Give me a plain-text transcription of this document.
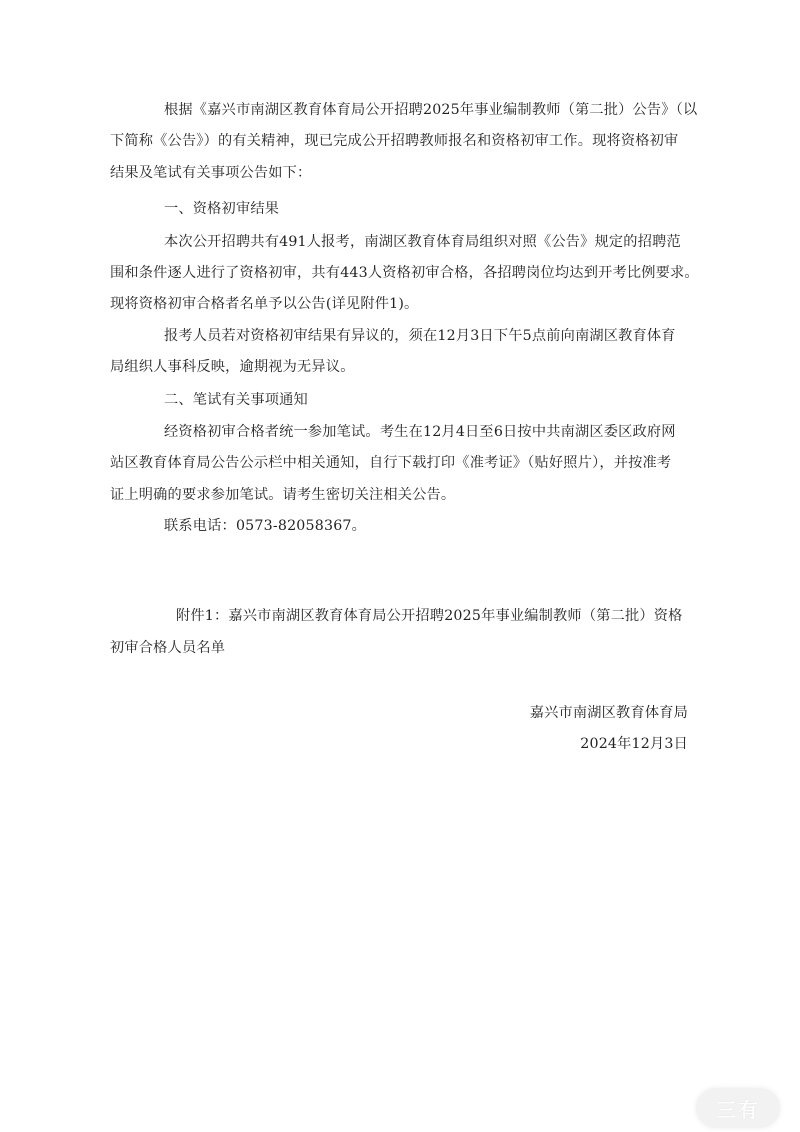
根据《嘉兴市南湖区教育体育局公开招聘2025年事业编制教师（第二批）公告》（以
下简称《公告》）的有关精神，现已完成公开招聘教师报名和资格初审工作。现将资格初审
结果及笔试有关事项公告如下：
一、资格初审结果
本次公开招聘共有491人报考，南湖区教育体育局组织对照《公告》规定的招聘范
围和条件逐人进行了资格初审，共有443人资格初审合格，各招聘岗位均达到开考比例要求。
现将资格初审合格者名单予以公告(详见附件1)。
报考人员若对资格初审结果有异议的，须在12月3日下午5点前向南湖区教育体育
局组织人事科反映，逾期视为无异议。
二、笔试有关事项通知
经资格初审合格者统一参加笔试。考生在12月4日至6日按中共南湖区委区政府网
站区教育体育局公告公示栏中相关通知，自行下载打印《准考证》（贴好照片），并按准考
证上明确的要求参加笔试。请考生密切关注相关公告。
联系电话：0573-82058367。
附件1：嘉兴市南湖区教育体育局公开招聘2025年事业编制教师（第二批）资格
初审合格人员名单
嘉兴市南湖区教育体育局
2024年12月3日
三有
